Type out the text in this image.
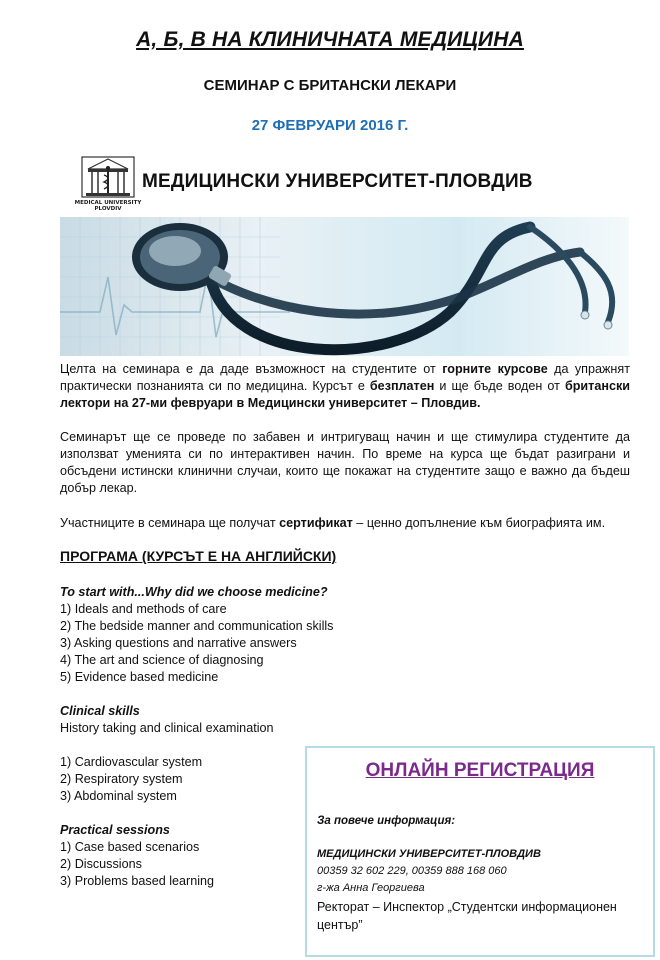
А, Б, В НА КЛИНИЧНАТА МЕДИЦИНА
СЕМИНАР С БРИТАНСКИ ЛЕКАРИ
27 ФЕВРУАРИ 2016 Г.
MEDICAL UNIVERSITY
PLOVDIV
МЕДИЦИНСКИ УНИВЕРСИТЕТ-ПЛОВДИВ
Целта на семинара е да даде възможност на студентите от горните курсове да упражнят практически познанията си по медицина. Курсът е безплатен и ще бъде воден от британски лектори на 27-ми февруари в Медицински университет – Пловдив.
Семинарът ще се проведе по забавен и интригуващ начин и ще стимулира студентите да използват уменията си по интерактивен начин. По време на курса ще бъдат разиграни и обсъдени истински клинични случаи, които ще покажат на студентите защо е важно да бъдеш добър лекар.
Участниците в семинара ще получат сертификат – ценно допълнение към биографията им.
ПРОГРАМА (КУРСЪТ Е НА АНГЛИЙСКИ)
To start with...Why did we choose medicine?
1) Ideals and methods of care
2) The bedside manner and communication skills
3) Asking questions and narrative answers
4) The art and science of diagnosing
5) Evidence based medicine
Clinical skills
History taking and clinical examination
1) Cardiovascular system
2) Respiratory system
3) Abdominal system
Practical sessions
1) Case based scenarios
2) Discussions
3) Problems based learning
ОНЛАЙН РЕГИСТРАЦИЯ
За повече информация:
МЕДИЦИНСКИ УНИВЕРСИТЕТ-ПЛОВДИВ
00359 32 602 229, 00359 888 168 060
г-жа Анна Георгиева
Ректорат – Инспектор „Студентски информационен център”
